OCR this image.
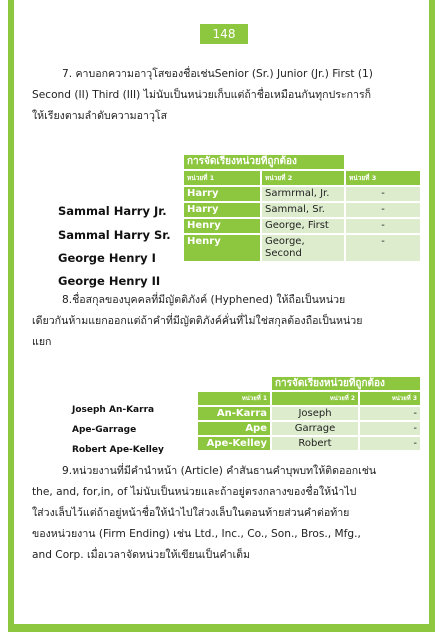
148

7. คาบอกความอาวุโสของชื่อเช่นSenior (Sr.) Junior (Jr.) First (1)

Second (II) Third (III) ไม่นับเป็นหน่วยเก็บแต่ถ้าชื่อเหมือนกันทุกประการก็

ให้เรียงตามลำดับความอาวุโส

Sammal Harry Jr.
Sammal Harry Sr.
George Henry I
George Henry II
การจัดเรียงหน่วยที่ถูกต้อง		
หน่วยที่ 1	หน่วยที่ 2	หน่วยที่ 3
Harry	Sarmrmal, Jr.	-
Harry	Sammal, Sr.	-
Henry	George, First	-
Henry	George, Second	-

8.ชื่อสกุลของบุคคลที่มีญัตติภังค์ (Hyphened) ให้ถือเป็นหน่วย

เดียวกันห้ามแยกออกแต่ถ้าคำที่มีญัตติภังค์คั่นที่ไม่ใช่สกุลต้องถือเป็นหน่วย

แยก

Joseph An-Karra
Ape-Garrage
Robert Ape-Kelley
	การจัดเรียงหน่วยที่ถูกต้อง	
หน่วยที่ 1	หน่วยที่ 2	หน่วยที่ 3
An-Karra	Joseph	-
Ape	Garrage	-
Ape-Kelley	Robert	-

9.หน่วยงานที่มีคำนำหน้า (Article) คำสันธานคำบุพบทให้ติดออกเช่น

the, and, for,in, of ไม่นับเป็นหน่วยและถ้าอยู่ตรงกลางของชื่อให้นำไป

ใส่วงเล็บไว้แต่ถ้าอยู่หน้าชื่อให้นำไปใส่วงเล็บในตอนท้ายส่วนคำต่อท้าย

ของหน่วยงาน (Firm Ending) เช่น Ltd., Inc., Co., Son., Bros., Mfg.,

and Corp. เมื่อเวลาจัดหน่วยให้เขียนเป็นคำเต็ม
